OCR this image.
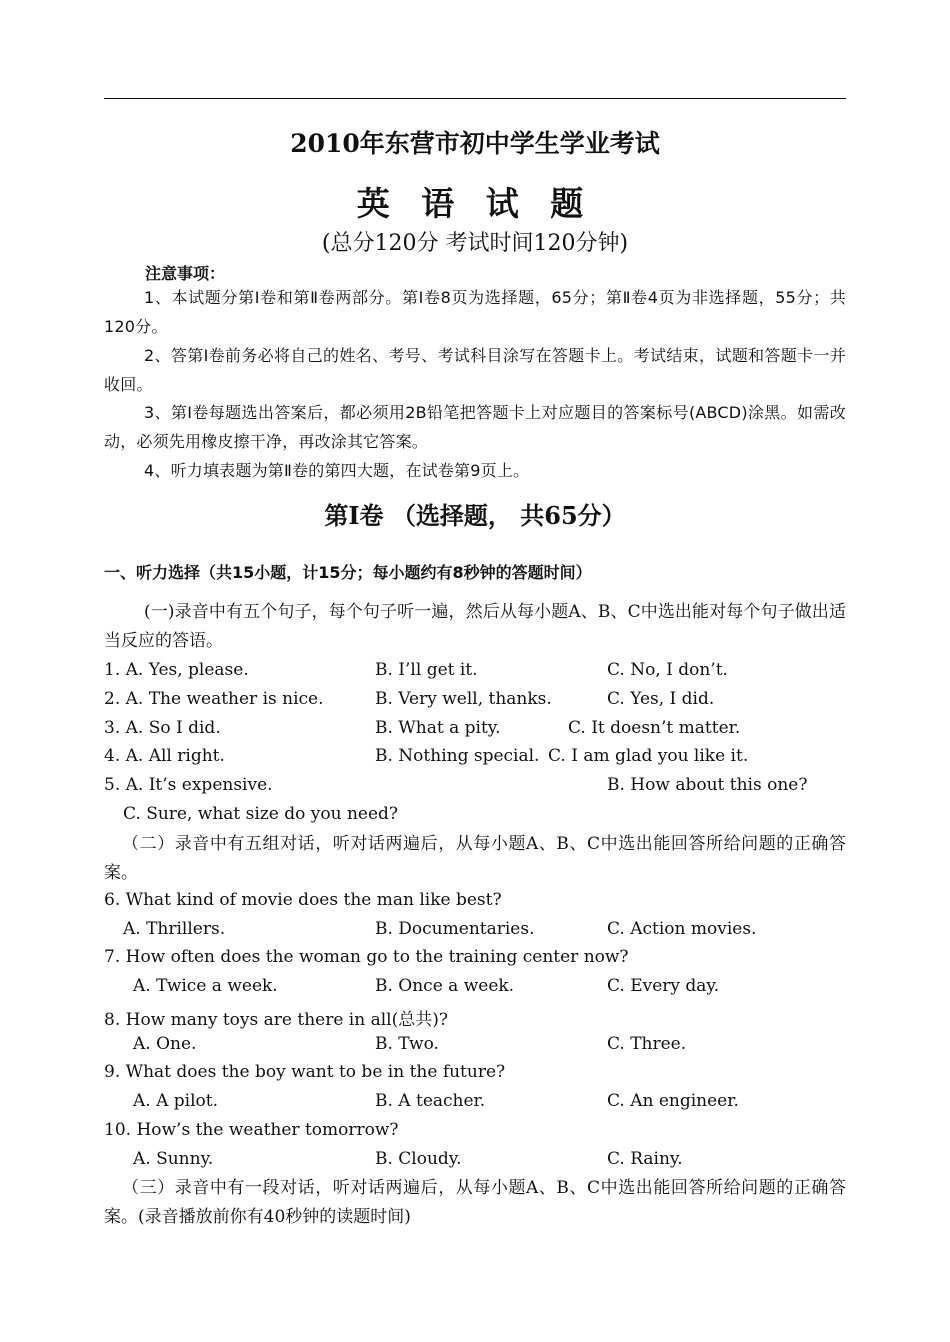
2010年东营市初中学生学业考试
英 语 试 题
(总分120分 考试时间120分钟)
注意事项：
1、本试题分第Ⅰ卷和第Ⅱ卷两部分。第Ⅰ卷8页为选择题，65分；第Ⅱ卷4页为非选择题，55分；共120分。
2、答第Ⅰ卷前务必将自己的姓名、考号、考试科目涂写在答题卡上。考试结束，试题和答题卡一并收回。
3、第Ⅰ卷每题选出答案后，都必须用2B铅笔把答题卡上对应题目的答案标号(ABCD)涂黑。如需改动，必须先用橡皮擦干净，再改涂其它答案。
4、听力填表题为第Ⅱ卷的第四大题，在试卷第9页上。
第Ⅰ卷 （选择题， 共65分）
一、听力选择（共15小题，计15分；每小题约有8秒钟的答题时间）
(一)录音中有五个句子，每个句子听一遍，然后从每小题A、B、C中选出能对每个句子做出适当反应的答语。
1. A. Yes, please.	B. I’ll get it.	C. No, I don’t.
2. A. The weather is nice.	B. Very well, thanks.	C. Yes, I did.
3. A. So I did.	B. What a pity.	C. It doesn’t matter.
4. A. All right.	B. Nothing special. C. I am glad you like it.
5. A. It’s expensive.	B. How about this one?
C. Sure, what size do you need?
（二）录音中有五组对话，听对话两遍后，从每小题A、B、C中选出能回答所给问题的正确答案。
6. What kind of movie does the man like best?
A. Thrillers.	B. Documentaries.	C. Action movies.
7. How often does the woman go to the training center now?
A. Twice a week.	B. Once a week.	C. Every day.
8. How many toys are there in all(总共)?
A. One.	B. Two.	C. Three.
9. What does the boy want to be in the future?
A. A pilot.	B. A teacher.	C. An engineer.
10. How’s the weather tomorrow?
A. Sunny.	B. Cloudy.	C. Rainy.
（三）录音中有一段对话，听对话两遍后，从每小题A、B、C中选出能回答所给问题的正确答案。(录音播放前你有40秒钟的读题时间)
